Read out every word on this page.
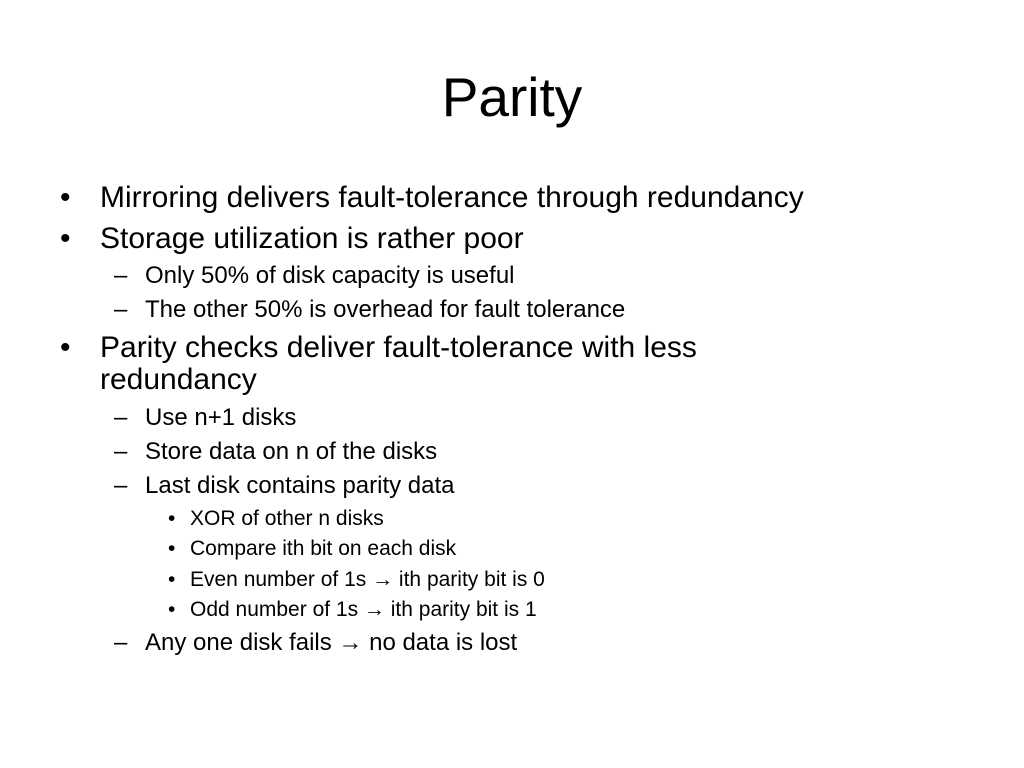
Parity
• Mirroring delivers fault-tolerance through redundancy
• Storage utilization is rather poor
– Only 50% of disk capacity is useful
– The other 50% is overhead for fault tolerance
• Parity checks deliver fault-tolerance with less
redundancy
– Use n+1 disks
– Store data on n of the disks
– Last disk contains parity data
• XOR of other n disks
• Compare ith bit on each disk
• Even number of 1s → ith parity bit is 0
• Odd number of 1s → ith parity bit is 1
– Any one disk fails → no data is lost
